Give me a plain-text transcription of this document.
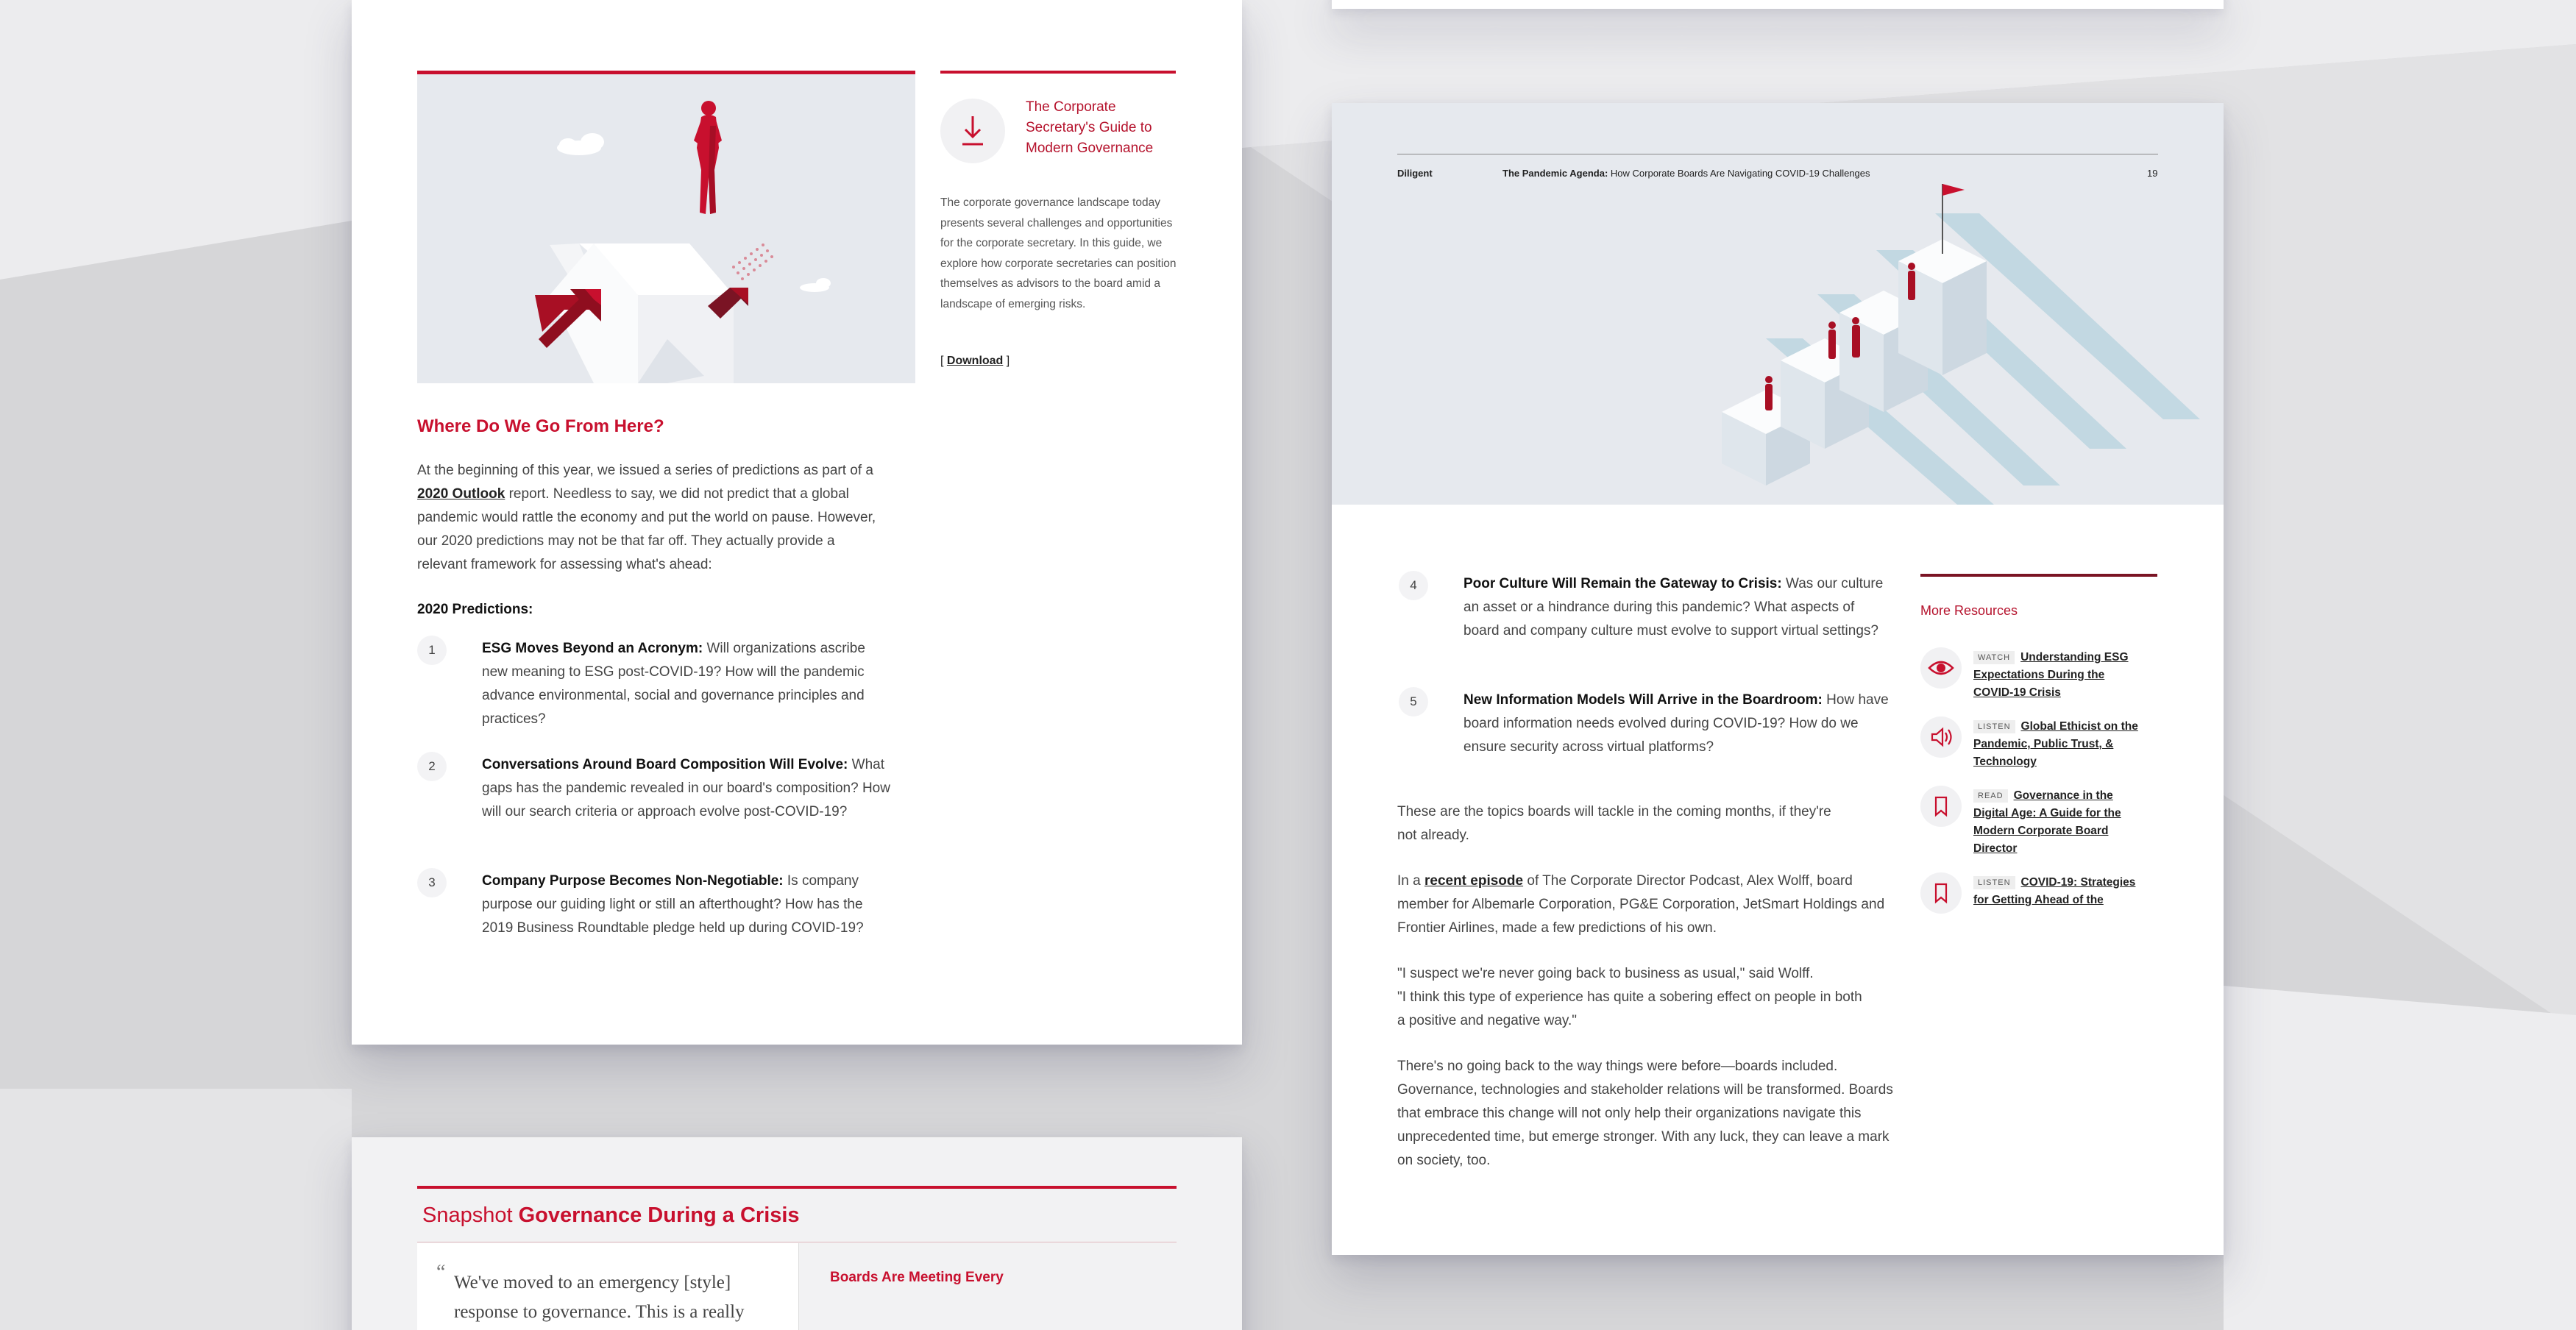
The Corporate Secretary's Guide to Modern Governance
The corporate governance landscape today presents several challenges and opportunities for the corporate secretary. In this guide, we explore how corporate secretaries can position themselves as advisors to the board amid a landscape of emerging risks.
[ Download ]
Where Do We Go From Here?
At the beginning of this year, we issued a series of predictions as part of a 2020 Outlook report. Needless to say, we did not predict that a global pandemic would rattle the economy and put the world on pause. However, our 2020 predictions may not be that far off. They actually provide a relevant framework for assessing what's ahead:
2020 Predictions:
1	ESG Moves Beyond an Acronym: Will organizations ascribe new meaning to ESG post-COVID-19? How will the pandemic advance environmental, social and governance principles and practices?
2	Conversations Around Board Composition Will Evolve: What gaps has the pandemic revealed in our board's composition? How will our search criteria or approach evolve post-COVID-19?
3	Company Purpose Becomes Non-Negotiable: Is company purpose our guiding light or still an afterthought? How has the 2019 Business Roundtable pledge held up during COVID-19?
Diligent	The Pandemic Agenda: How Corporate Boards Are Navigating COVID-19 Challenges	19
4	Poor Culture Will Remain the Gateway to Crisis: Was our culture an asset or a hindrance during this pandemic? What aspects of board and company culture must evolve to support virtual settings?
5	New Information Models Will Arrive in the Boardroom: How have board information needs evolved during COVID-19? How do we ensure security across virtual platforms?
These are the topics boards will tackle in the coming months, if they're not already.
In a recent episode of The Corporate Director Podcast, Alex Wolff, board member for Albemarle Corporation, PG&E Corporation, JetSmart Holdings and Frontier Airlines, made a few predictions of his own.
"I suspect we're never going back to business as usual," said Wolff.
"I think this type of experience has quite a sobering effect on people in both a positive and negative way."
There's no going back to the way things were before—boards included. Governance, technologies and stakeholder relations will be transformed. Boards that embrace this change will not only help their organizations navigate this unprecedented time, but emerge stronger. With any luck, they can leave a mark on society, too.
More Resources
WATCH Understanding ESG Expectations During the COVID-19 Crisis
LISTEN Global Ethicist on the Pandemic, Public Trust, & Technology
READ Governance in the Digital Age: A Guide for the Modern Corporate Board Director
LISTEN COVID-19: Strategies for Getting Ahead of the
Snapshot Governance During a Crisis
“ We've moved to an emergency [style] response to governance. This is a really
Boards Are Meeting Every
